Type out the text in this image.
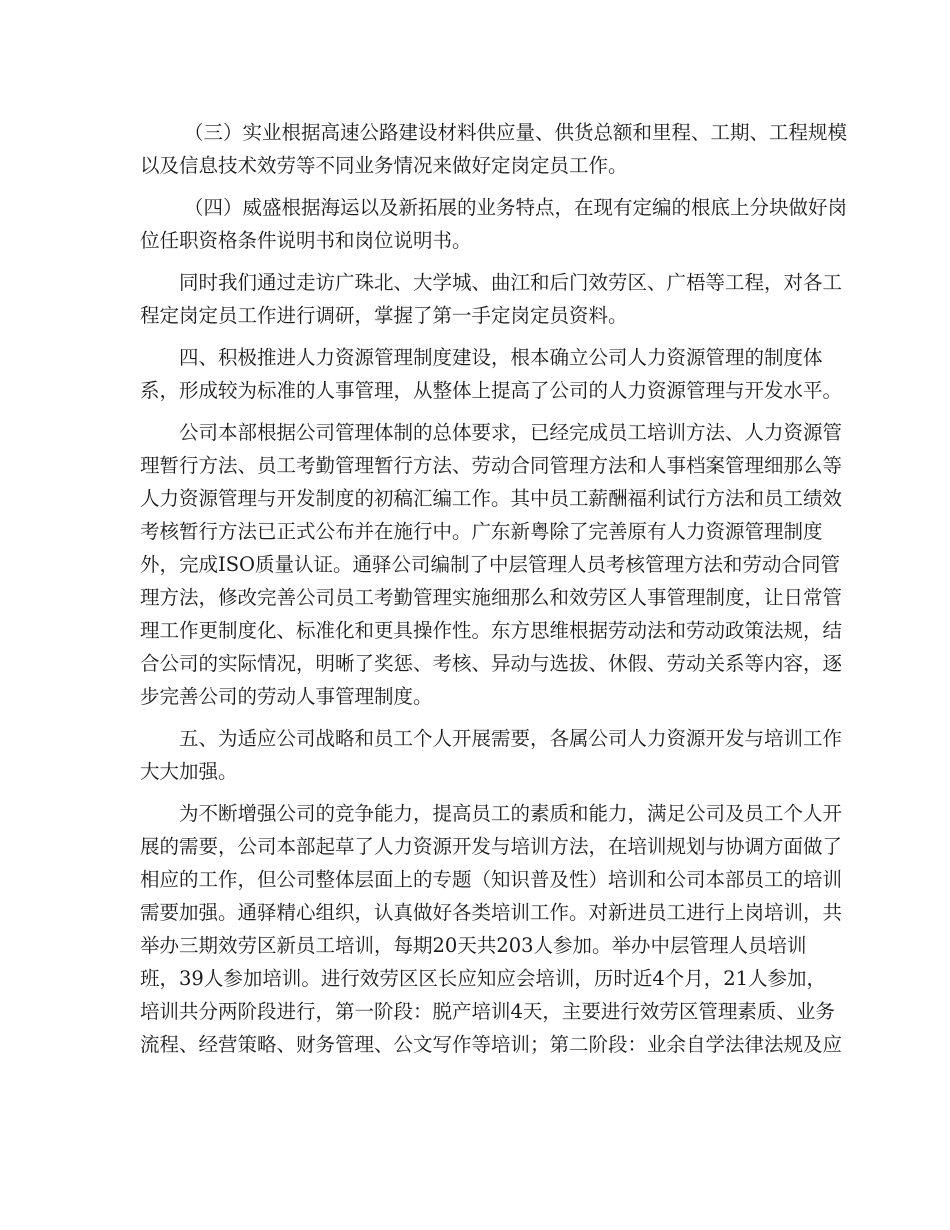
（三）实业根据高速公路建设材料供应量、供货总额和里程、工期、工程规模
以及信息技术效劳等不同业务情况来做好定岗定员工作。
（四）威盛根据海运以及新拓展的业务特点，在现有定编的根底上分块做好岗
位任职资格条件说明书和岗位说明书。
同时我们通过走访广珠北、大学城、曲江和后门效劳区、广梧等工程，对各工
程定岗定员工作进行调研，掌握了第一手定岗定员资料。
四、积极推进人力资源管理制度建设，根本确立公司人力资源管理的制度体
系，形成较为标准的人事管理，从整体上提高了公司的人力资源管理与开发水平。
公司本部根据公司管理体制的总体要求，已经完成员工培训方法、人力资源管
理暂行方法、员工考勤管理暂行方法、劳动合同管理方法和人事档案管理细那么等
人力资源管理与开发制度的初稿汇编工作。其中员工薪酬福利试行方法和员工绩效
考核暂行方法已正式公布并在施行中。广东新粤除了完善原有人力资源管理制度
外，完成ISO质量认证。通驿公司编制了中层管理人员考核管理方法和劳动合同管
理方法，修改完善公司员工考勤管理实施细那么和效劳区人事管理制度，让日常管
理工作更制度化、标准化和更具操作性。东方思维根据劳动法和劳动政策法规，结
合公司的实际情况，明晰了奖惩、考核、异动与选拔、休假、劳动关系等内容，逐
步完善公司的劳动人事管理制度。
五、为适应公司战略和员工个人开展需要，各属公司人力资源开发与培训工作
大大加强。
为不断增强公司的竞争能力，提高员工的素质和能力，满足公司及员工个人开
展的需要，公司本部起草了人力资源开发与培训方法，在培训规划与协调方面做了
相应的工作，但公司整体层面上的专题（知识普及性）培训和公司本部员工的培训
需要加强。通驿精心组织，认真做好各类培训工作。对新进员工进行上岗培训，共
举办三期效劳区新员工培训，每期20天共203人参加。举办中层管理人员培训
班，39人参加培训。进行效劳区区长应知应会培训，历时近4个月，21人参加，
培训共分两阶段进行，第一阶段：脱产培训4天，主要进行效劳区管理素质、业务
流程、经营策略、财务管理、公文写作等培训；第二阶段：业余自学法律法规及应
